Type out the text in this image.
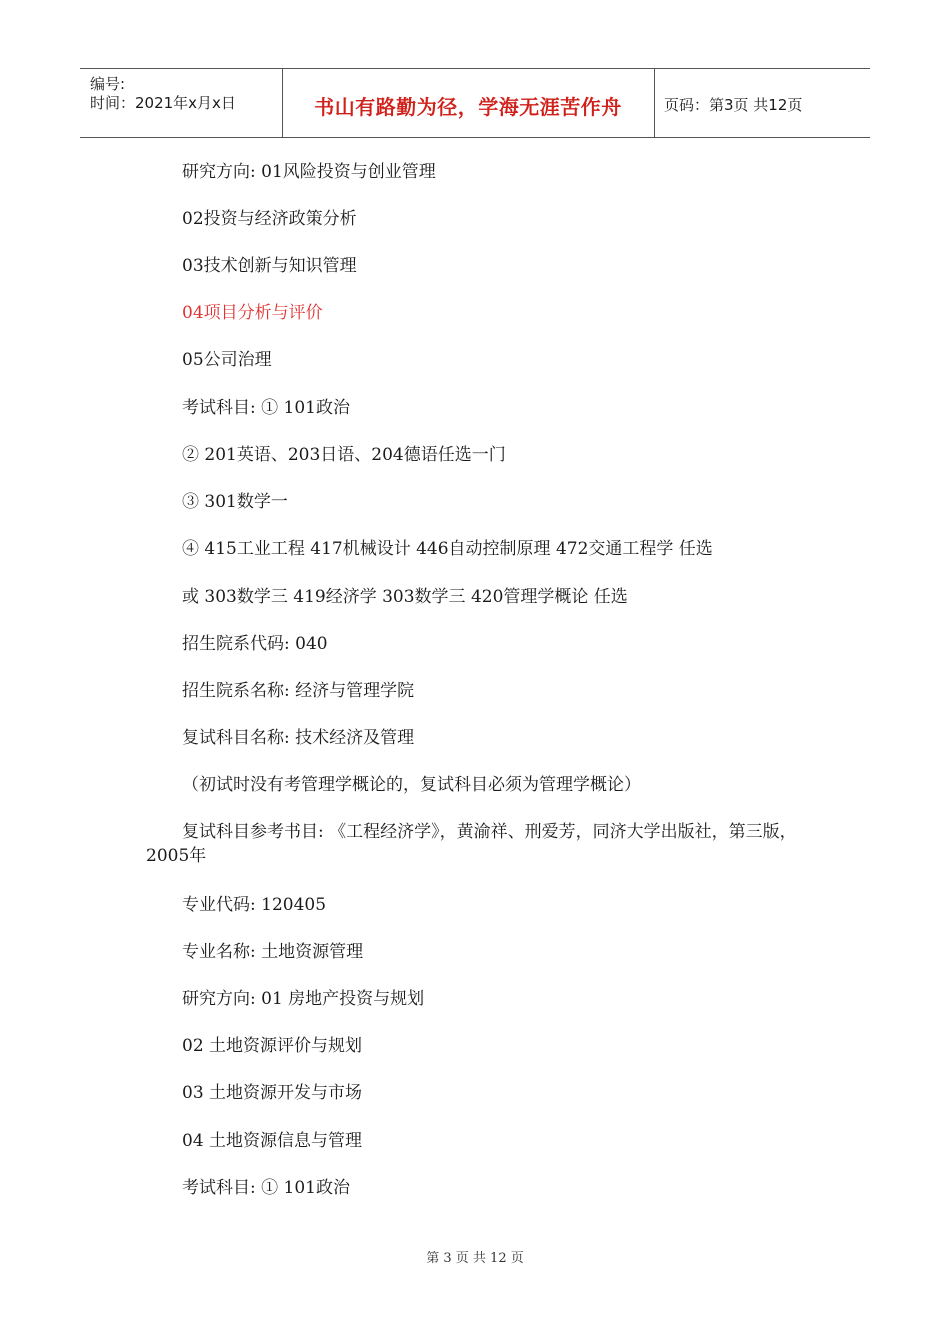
编号:
时间：2021年x月x日	书山有路勤为径，学海无涯苦作舟	页码：第3页 共12页
研究方向: 01风险投资与创业管理
02投资与经济政策分析
03技术创新与知识管理
04项目分析与评价
05公司治理
考试科目: ① 101政治
② 201英语、203日语、204德语任选一门
③ 301数学一
④ 415工业工程 417机械设计 446自动控制原理 472交通工程学 任选
或 303数学三 419经济学 303数学三 420管理学概论 任选
招生院系代码: 040
招生院系名称: 经济与管理学院
复试科目名称: 技术经济及管理
（初试时没有考管理学概论的，复试科目必须为管理学概论）
复试科目参考书目: 《工程经济学》，黄渝祥、刑爱芳，同济大学出版社，第三版，2005年
专业代码: 120405
专业名称: 土地资源管理
研究方向: 01 房地产投资与规划
02 土地资源评价与规划
03 土地资源开发与市场
04 土地资源信息与管理
考试科目: ① 101政治
第 3 页 共 12 页
